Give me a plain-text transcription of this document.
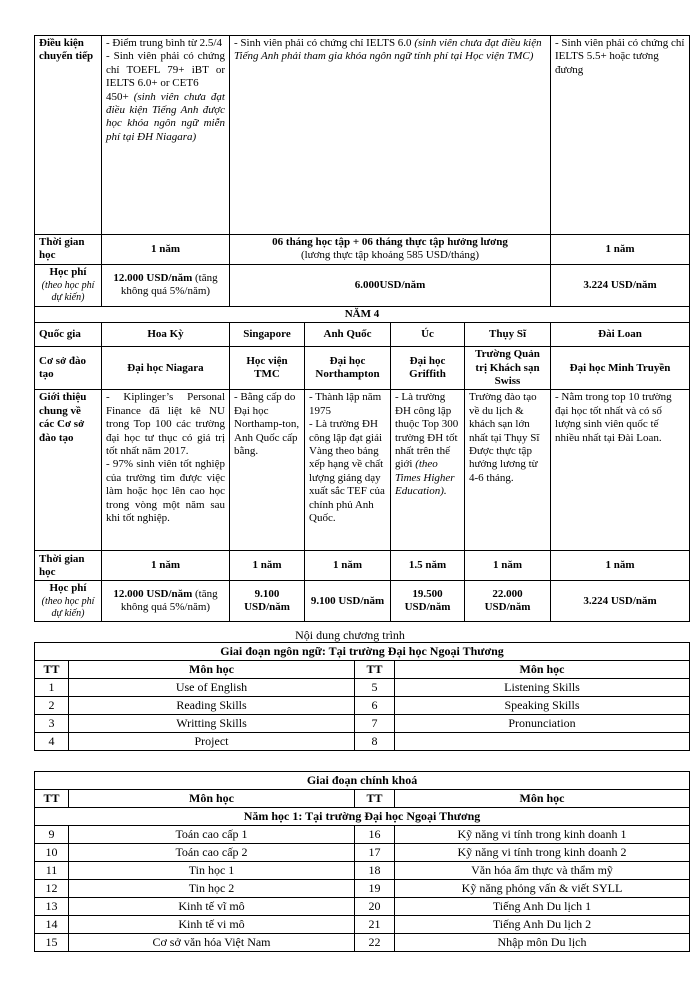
Điều kiện chuyển tiếp	- Điểm trung bình từ 2.5/4
- Sinh viên phải có chứng chỉ TOEFL 79+ iBT or IELTS 6.0+ or CET6
450+ (sinh viên chưa đạt điều kiện Tiếng Anh được học khóa ngôn ngữ miễn phí tại ĐH Niagara)	- Sinh viên phải có chứng chỉ IELTS 6.0 (sinh viên chưa đạt điều kiện Tiếng Anh phải tham gia khóa ngôn ngữ tính phí tại Học viện TMC)				- Sinh viên phải có chứng chỉ IELTS 5.5+ hoặc tương đương
Thời gian học	1 năm	06 tháng học tập + 06 tháng thực tập hưởng lương
(lương thực tập khoảng 585 USD/tháng)				1 năm

Học phí
(theo học phí dự kiến)	12.000 USD/năm (tăng không quá 5%/năm)	6.000USD/năm				3.224 USD/năm
NĂM 4						
Quốc gia	Hoa Kỳ	Singapore	Anh Quốc	Úc	Thụy Sĩ	Đài Loan
Cơ sở đào tạo	Đại học Niagara	Học viện TMC	Đại học Northampton	Đại học Griffith	Trường Quản trị Khách sạn Swiss	Đại học Minh Truyền
Giới thiệu chung về các Cơ sở đào tạo	- Kiplinger’s Personal Finance đã liệt kê NU trong Top 100 các trường đại học tư thục có giá trị tốt nhất năm 2017.
- 97% sinh viên tốt nghiệp của trường tìm được việc làm hoặc học lên cao học trong vòng một năm sau khi tốt nghiệp.	- Bằng cấp do Đại học Northamp-ton, Anh Quốc cấp bằng.	- Thành lập năm 1975
- Là trường ĐH công lập đạt giải Vàng theo bảng xếp hạng về chất lượng giảng dạy xuất sắc TEF của chính phủ Anh Quốc.	- Là trường ĐH công lập thuộc Top 300 trường ĐH tốt nhất trên thế giới (theo Times Higher Education).	Trường đào tạo về du lịch & khách sạn lớn nhất tại Thụy Sĩ
Được thực tập hưởng lương từ 4-6 tháng.	- Nằm trong top 10 trường đại học tốt nhất và có số lượng sinh viên quốc tế nhiều nhất tại Đài Loan.
Thời gian học	1 năm	1 năm	1 năm	1.5 năm	1 năm	1 năm

Học phí
(theo học phí dự kiến)	12.000 USD/năm (tăng không quá 5%/năm)	9.100 USD/năm	9.100 USD/năm	19.500 USD/năm	22.000 USD/năm	3.224 USD/năm
Nội dung chương trình
Giai đoạn ngôn ngữ: Tại trường Đại học Ngoại Thương			
TT	Môn học	TT	Môn học
1	Use of English	5	Listening Skills
2	Reading Skills	6	Speaking Skills
3	Writting Skills	7	Pronunciation
4	Project	8	
Giai đoạn chính khoá			
TT	Môn học	TT	Môn học
Năm học 1: Tại trường Đại học Ngoại Thương			
9	Toán cao cấp 1	16	Kỹ năng vi tính trong kinh doanh 1
10	Toán cao cấp 2	17	Kỹ năng vi tính trong kinh doanh 2
11	Tin học 1	18	Văn hóa ẩm thực và thẩm mỹ
12	Tin học 2	19	Kỹ năng phỏng vấn & viết SYLL
13	Kinh tế vĩ mô	20	Tiếng Anh Du lịch 1
14	Kinh tế vi mô	21	Tiếng Anh Du lịch 2
15	Cơ sở văn hóa Việt Nam	22	Nhập môn Du lịch
